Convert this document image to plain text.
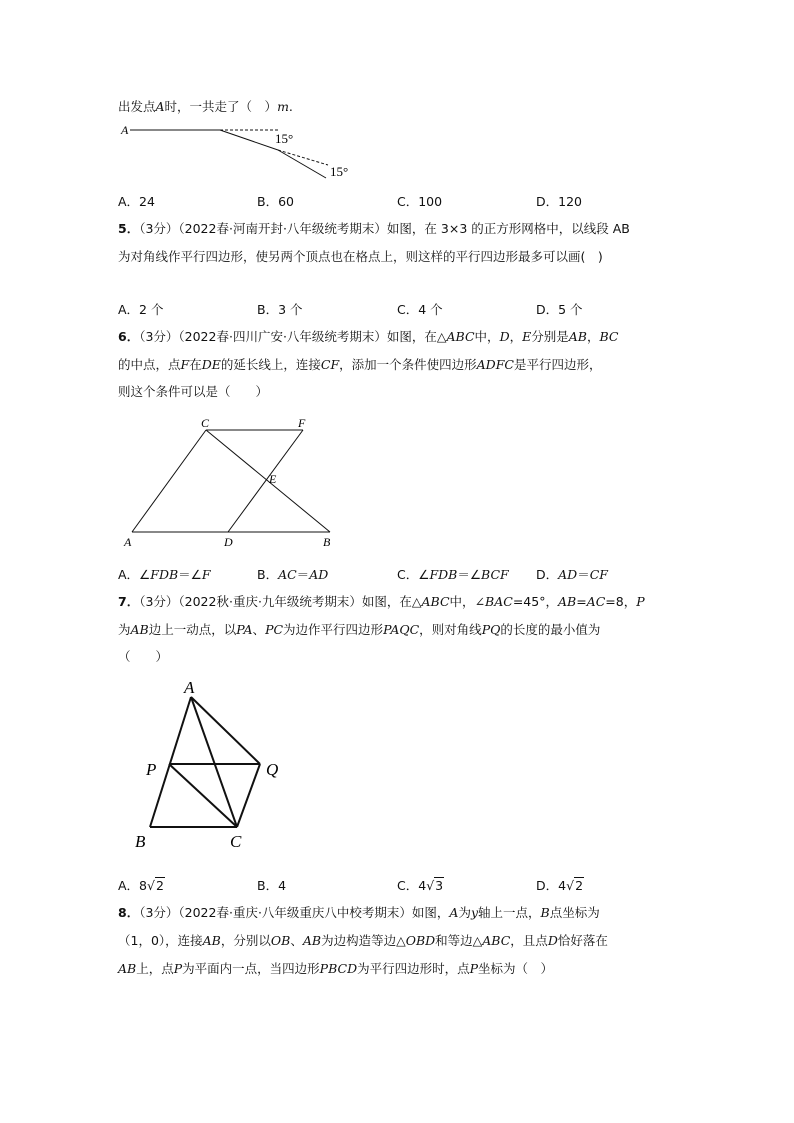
出发点A时，一共走了（　）m.
A
15°
15°
A．24	B．60	C．100	D．120
5．（3分）（2022春·河南开封·八年级统考期末）如图，在 3×3 的正方形网格中，以线段 AB
为对角线作平行四边形，使另两个顶点也在格点上，则这样的平行四边形最多可以画(　)
A．2 个	B．3 个	C．4 个	D．5 个
6．（3分）（2022春·四川广安·八年级统考期末）如图，在△ABC中，D，E分别是AB，BC
的中点，点F在DE的延长线上，连接CF，添加一个条件使四边形ADFC是平行四边形，
则这个条件可以是（　　）
A	D	B
C	F
E
A．∠FDB＝∠F	B．AC＝AD	C．∠FDB＝∠BCF D．AD＝CF
7．（3分）（2022秋·重庆·九年级统考期末）如图，在△ABC中，∠BAC=45°，AB=AC=8，P
为AB边上一动点，以PA、PC为边作平行四边形PAQC，则对角线PQ的长度的最小值为
（　　）
A
P	Q
B	C
A．8√2	B．4	C．4√3	D．4√2
8．（3分）（2022春·重庆·八年级重庆八中校考期末）如图，A为y轴上一点，B点坐标为
（1，0），连接AB，分别以OB、AB为边构造等边△OBD和等边△ABC，且点D恰好落在
AB上，点P为平面内一点，当四边形PBCD为平行四边形时，点P坐标为（　）
